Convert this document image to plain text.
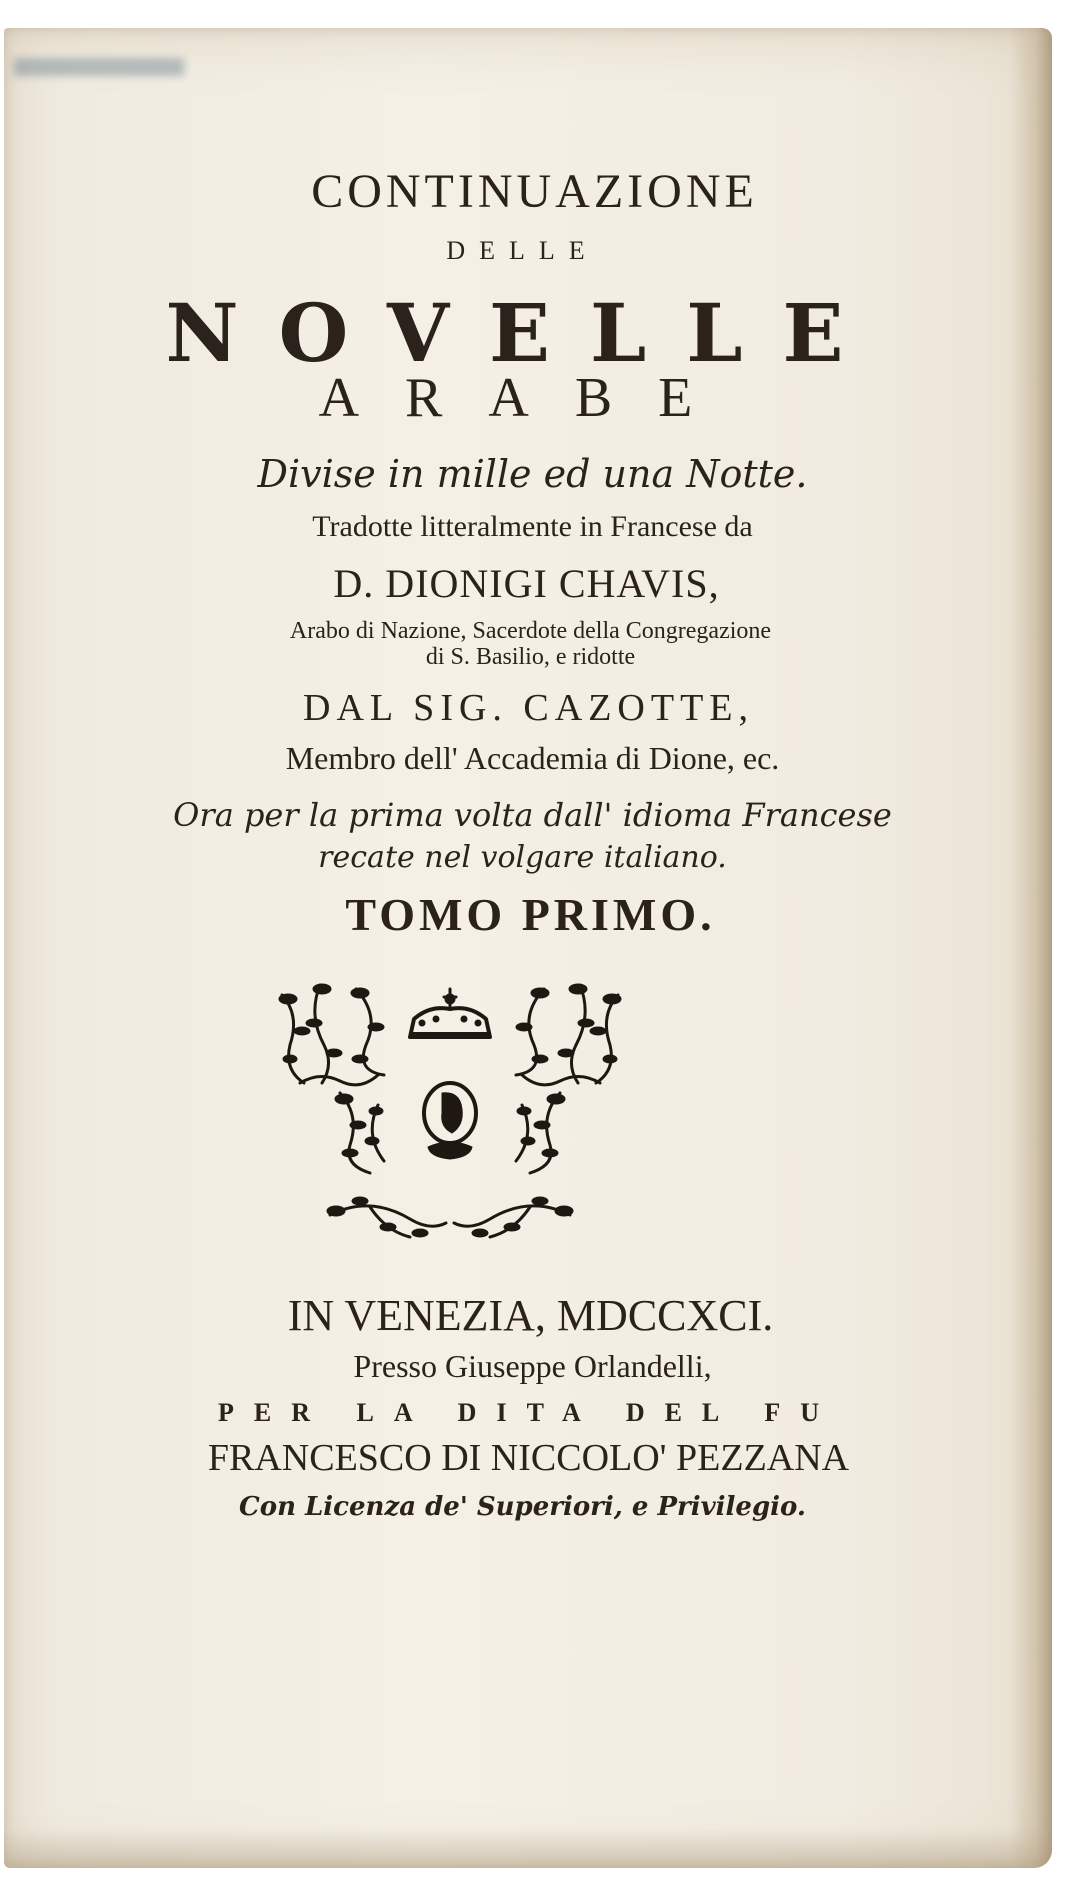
CONTINUAZIONE

DELLE

NOVELLE

ARABE

Divise in mille ed una Notte.

Tradotte litteralmente in Francese da

D. DIONIGI CHAVIS,

Arabo di Nazione, Sacerdote della Congregazione

di S. Basilio, e ridotte

DAL SIG. CAZOTTE,

Membro dell' Accademia di Dione, ec.

Ora per la prima volta dall' idioma Francese

recate nel volgare italiano.

TOMO PRIMO.

IN VENEZIA, MDCCXCI.

Presso Giuseppe Orlandelli,

PER LA DITA DEL FU

FRANCESCO DI NICCOLO' PEZZANA

Con Licenza de' Superiori, e Privilegio.
